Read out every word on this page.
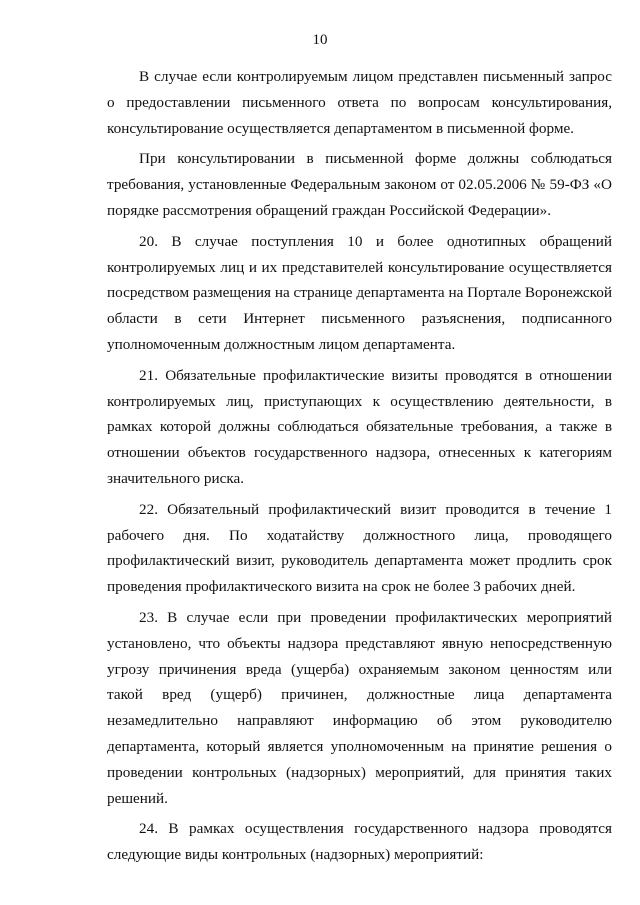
10

В случае если контролируемым лицом представлен письменный запрос о предоставлении письменного ответа по вопросам консультирования, консультирование осуществляется департаментом в письменной форме.

При консультировании в письменной форме должны соблюдаться требования, установленные Федеральным законом от 02.05.2006 № 59-ФЗ «О порядке рассмотрения обращений граждан Российской Федерации».

20. В случае поступления 10 и более однотипных обращений контролируемых лиц и их представителей консультирование осуществляется посредством размещения на странице департамента на Портале Воронежской области в сети Интернет письменного разъяснения, подписанного уполномоченным должностным лицом департамента.

21. Обязательные профилактические визиты проводятся в отношении контролируемых лиц, приступающих к осуществлению деятельности, в рамках которой должны соблюдаться обязательные требования, а также в отношении объектов государственного надзора, отнесенных к категориям значительного риска.

22. Обязательный профилактический визит проводится в течение 1 рабочего дня. По ходатайству должностного лица, проводящего профилактический визит, руководитель департамента может продлить срок проведения профилактического визита на срок не более 3 рабочих дней.

23. В случае если при проведении профилактических мероприятий установлено, что объекты надзора представляют явную непосредственную угрозу причинения вреда (ущерба) охраняемым законом ценностям или такой вред (ущерб) причинен, должностные лица департамента незамедлительно направляют информацию об этом руководителю департамента, который является уполномоченным на принятие решения о проведении контрольных (надзорных) мероприятий, для принятия таких решений.

24. В рамках осуществления государственного надзора проводятся следующие виды контрольных (надзорных) мероприятий:
